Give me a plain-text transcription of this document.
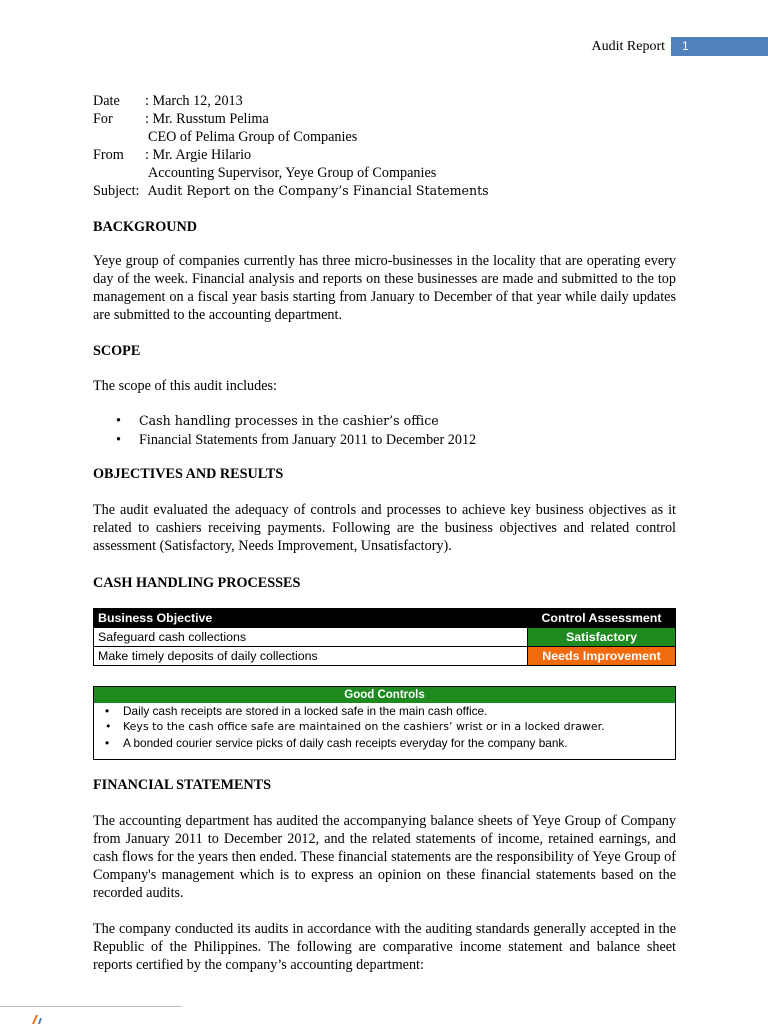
Audit Report	1
Date	: March 12, 2013
For	: Mr. Russtum Pelima
CEO of Pelima Group of Companies
From	: Mr. Argie Hilario
Accounting Supervisor, Yeye Group of Companies
Subject: Audit Report on the Company’s Financial Statements
BACKGROUND

Yeye group of companies currently has three micro-businesses in the locality that are operating every day of the week. Financial analysis and reports on these businesses are made and submitted to the top management on a fiscal year basis starting from January to December of that year while daily updates are submitted to the accounting department.

SCOPE

The scope of this audit includes:

• Cash handling processes in the cashier’s office
• Financial Statements from January 2011 to December 2012
OBJECTIVES AND RESULTS

The audit evaluated the adequacy of controls and processes to achieve key business objectives as it related to cashiers receiving payments. Following are the business objectives and related control assessment (Satisfactory, Needs Improvement, Unsatisfactory).

CASH HANDLING PROCESSES
Business Objective	Control Assessment
Safeguard cash collections	Satisfactory
Make timely deposits of daily collections	Needs Improvement
Good Controls
• Daily cash receipts are stored in a locked safe in the main cash office.
• Keys to the cash office safe are maintained on the cashiers’ wrist or in a locked drawer.
• A bonded courier service picks of daily cash receipts everyday for the company bank.
FINANCIAL STATEMENTS

The accounting department has audited the accompanying balance sheets of Yeye Group of Company from January 2011 to December 2012, and the related statements of income, retained earnings, and cash flows for the years then ended. These financial statements are the responsibility of Yeye Group of Company's management which is to express an opinion on these financial statements based on the recorded audits.

The company conducted its audits in accordance with the auditing standards generally accepted in the Republic of the Philippines. The following are comparative income statement and balance sheet reports certified by the company’s accounting department:
